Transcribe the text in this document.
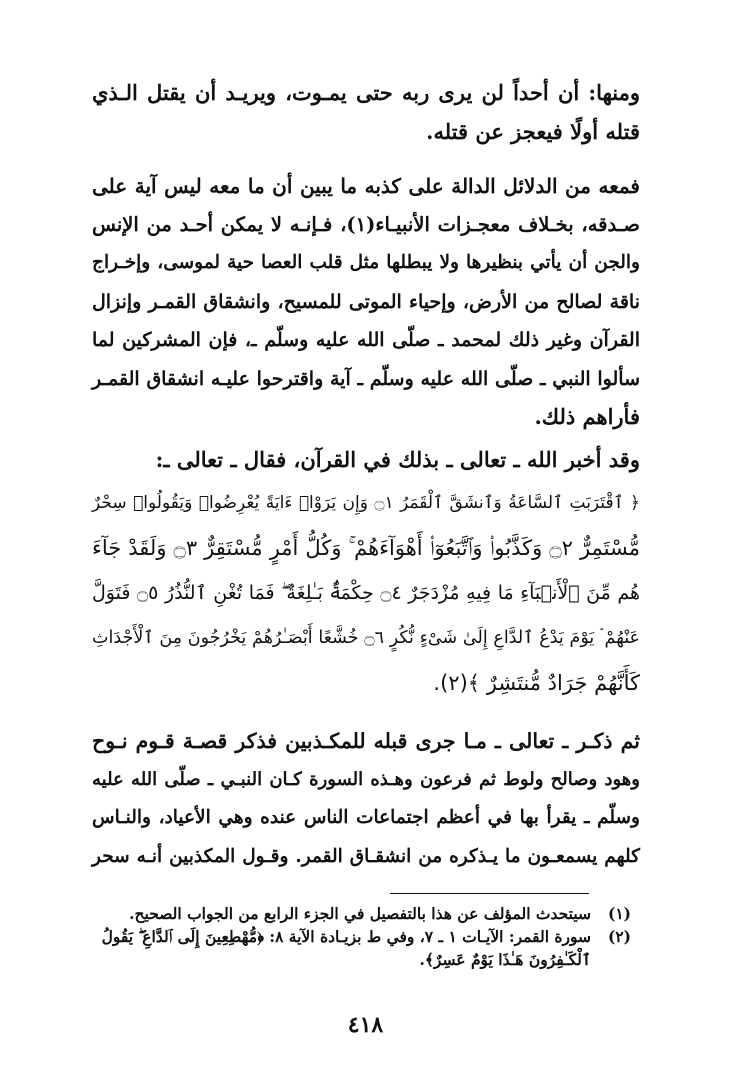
ومنها: أن أحداً لن يرى ربه حتى يمـوت، ويريـد أن يقتل الـذي
قتله أولًا فيعجز عن قتله.
فمعه من الدلائل الدالة على كذبه ما يبين أن ما معه ليس آية على
صـدقه، بخـلاف معجـزات الأنبيـاء(١)، فـإنـه لا يمكن أحـد من الإنس
والجن أن يأتي بنظيرها ولا يبطلها مثل قلب العصا حية لموسى، وإخـراج
ناقة لصالح من الأرض، وإحياء الموتى للمسيح، وانشقاق القمـر وإنزال
القرآن وغير ذلك لمحمد ـ صلّى الله عليه وسلّم ـ، فإن المشركين لما
سألوا النبي ـ صلّى الله عليه وسلّم ـ آية واقترحوا عليـه انشقاق القمـر
فأراهم ذلك.
وقد أخبر الله ـ تعالى ـ بذلك في القرآن، فقال ـ تعالى ـ:
﴿ ٱقْتَرَبَتِ ٱلسَّاعَةُ وَٱنشَقَّ ٱلْقَمَرُ ۝١ وَإِن يَرَوْا۟ ءَايَةً يُعْرِضُوا۟ وَيَقُولُوا۟ سِحْرٌ
مُّسْتَمِرٌّ ۝٢ وَكَذَّبُوا۟ وَٱتَّبَعُوٓا۟ أَهْوَآءَهُمْ ۚ وَكُلُّ أَمْرٍ مُّسْتَقِرٌّ ۝٣ وَلَقَدْ جَآءَ
هُم مِّنَ ٱلْأَنۢبَآءِ مَا فِيهِ مُزْدَجَرٌ ۝٤ حِكْمَةٌۢ بَـٰلِغَةٌ ۖ فَمَا تُغْنِ ٱلنُّذُرُ ۝٥ فَتَوَلَّ
عَنْهُمْ ۘ يَوْمَ يَدْعُ ٱلدَّاعِ إِلَىٰ شَىْءٍ نُّكُرٍ ۝٦ خُشَّعًا أَبْصَـٰرُهُمْ يَخْرُجُونَ مِنَ ٱلْأَجْدَاثِ
كَأَنَّهُمْ جَرَادٌ مُّنتَشِرٌ ﴾(٢).
ثم ذكـر ـ تعالى ـ مـا جرى قبله للمكـذبين فذكر قصـة قـوم نـوح
وهود وصالح ولوط ثم فرعون وهـذه السورة كـان النبـي ـ صلّى الله عليه
وسلّم ـ يقرأ بها في أعظم اجتماعات الناس عنده وهي الأعياد، والنـاس
كلهم يسمعـون ما يـذكره من انشقـاق القمر. وقـول المكذبين أنـه سحر
(١)
سيتحدث المؤلف عن هذا بالتفصيل في الجزء الرابع من الجواب الصحيح.
(٢)
سورة القمر: الآيـات ١ ـ ٧، وفي ط بزيـادة الآية ٨: ﴿مُّهْطِعِينَ إِلَى ٱلدَّاعِ ۖ يَقُولُ
ٱلْكَـٰفِرُونَ هَـٰذَا يَوْمٌ عَسِرٌ﴾.
٤١٨
